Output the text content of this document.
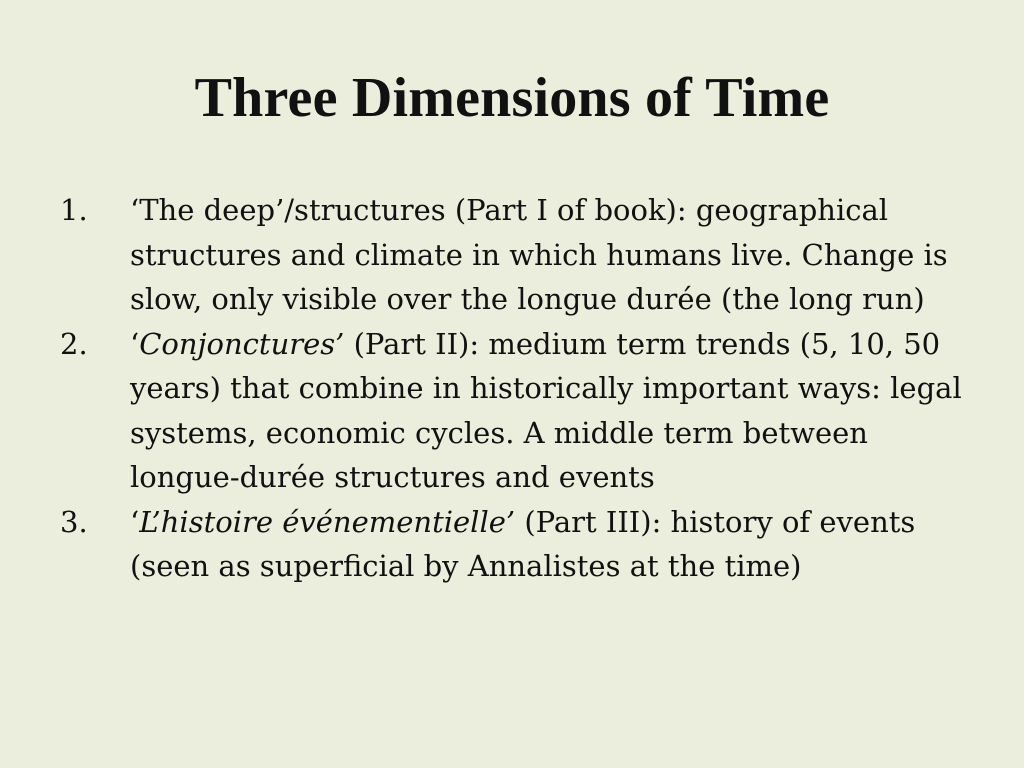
Three Dimensions of Time
1.	‘The deep’/structures (Part I of book): geographical structures and climate in which humans live. Change is slow, only visible over the longue durée (the long run)
2.	‘Conjonctures’ (Part II): medium term trends (5, 10, 50 years) that combine in historically important ways: legal systems, economic cycles. A middle term between longue-durée structures and events
3.	‘L’histoire événementielle’ (Part III): history of events (seen as superficial by Annalistes at the time)
